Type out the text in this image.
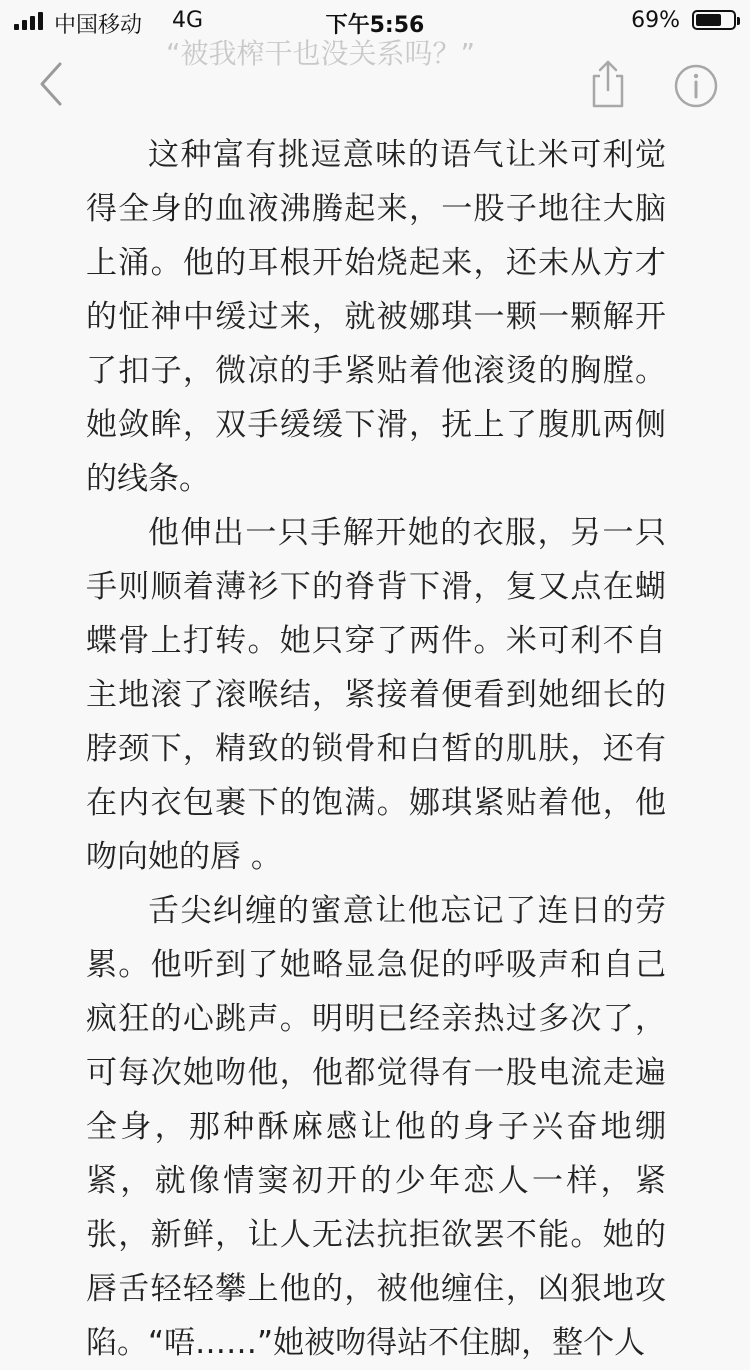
中国移动 4G	下午5:56	69%
“被我榨干也没关系吗？”

这种富有挑逗意味的语气让米可利觉得全身的血液沸腾起来，一股子地往大脑上涌。他的耳根开始烧起来，还未从方才的怔神中缓过来，就被娜琪一颗一颗解开了扣子，微凉的手紧贴着他滚烫的胸膛。她敛眸，双手缓缓下滑，抚上了腹肌两侧的线条。

他伸出一只手解开她的衣服，另一只手则顺着薄衫下的脊背下滑，复又点在蝴蝶骨上打转。她只穿了两件。米可利不自主地滚了滚喉结，紧接着便看到她细长的脖颈下，精致的锁骨和白皙的肌肤，还有在内衣包裹下的饱满。娜琪紧贴着他，他吻向她的唇 。

舌尖纠缠的蜜意让他忘记了连日的劳累。他听到了她略显急促的呼吸声和自己疯狂的心跳声。明明已经亲热过多次了，可每次她吻他，他都觉得有一股电流走遍全身，那种酥麻感让他的身子兴奋地绷紧，就像情窦初开的少年恋人一样，紧张，新鲜，让人无法抗拒欲罢不能。她的唇舌轻轻攀上他的，被他缠住，凶狠地攻陷。“唔……”她被吻得站不住脚，整个人
